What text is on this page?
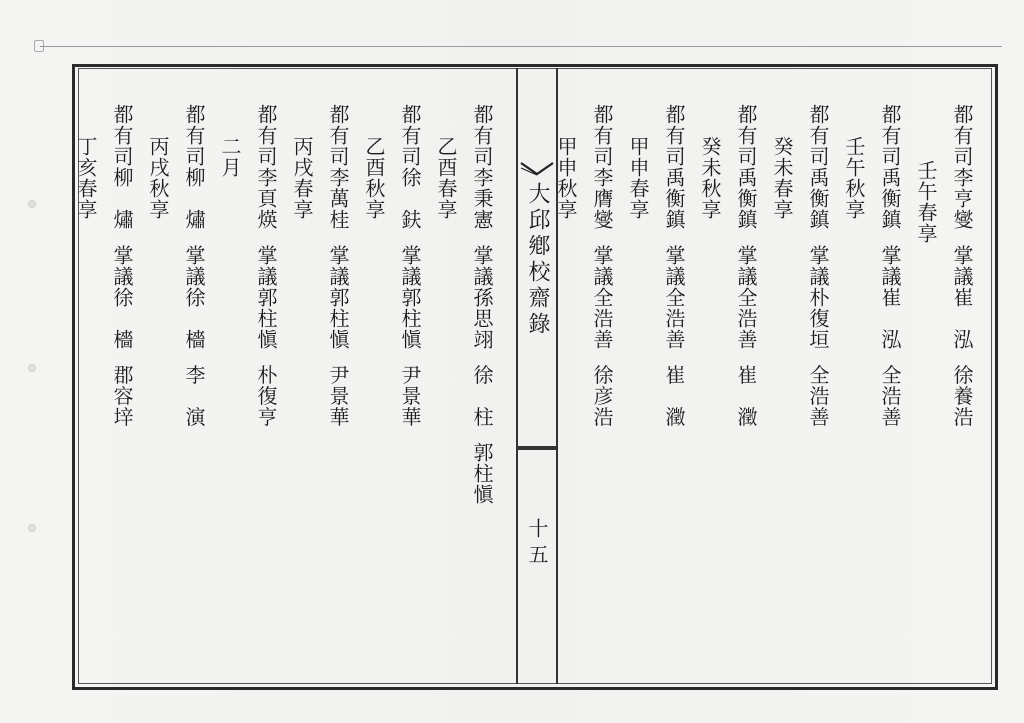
大邱鄕校齋錄
十五
都有司李亨燮  掌議崔　泓  徐養浩
壬午春享
都有司禹衡鎮  掌議崔　泓  全浩善
壬午秋享
都有司禹衡鎮  掌議朴復垣  全浩善
癸未春享
都有司禹衡鎮  掌議全浩善  崔　瀓
癸未秋享
都有司禹衡鎮  掌議全浩善  崔　瀓
甲申春享
都有司李膺燮  掌議全浩善  徐彦浩
甲申秋享
都有司李秉憲  掌議孫思翊  徐　柱  郭柱愼
乙酉春享
都有司徐　鈇  掌議郭柱愼  尹景華
乙酉秋享
都有司李萬桂  掌議郭柱愼  尹景華
丙戌春享
都有司李頁煐  掌議郭柱愼  朴復亨
二月
都有司柳　熽  掌議徐　檣  李　演
丙戌秋享
都有司柳　熽  掌議徐　檣  郡容垶
丁亥春享
